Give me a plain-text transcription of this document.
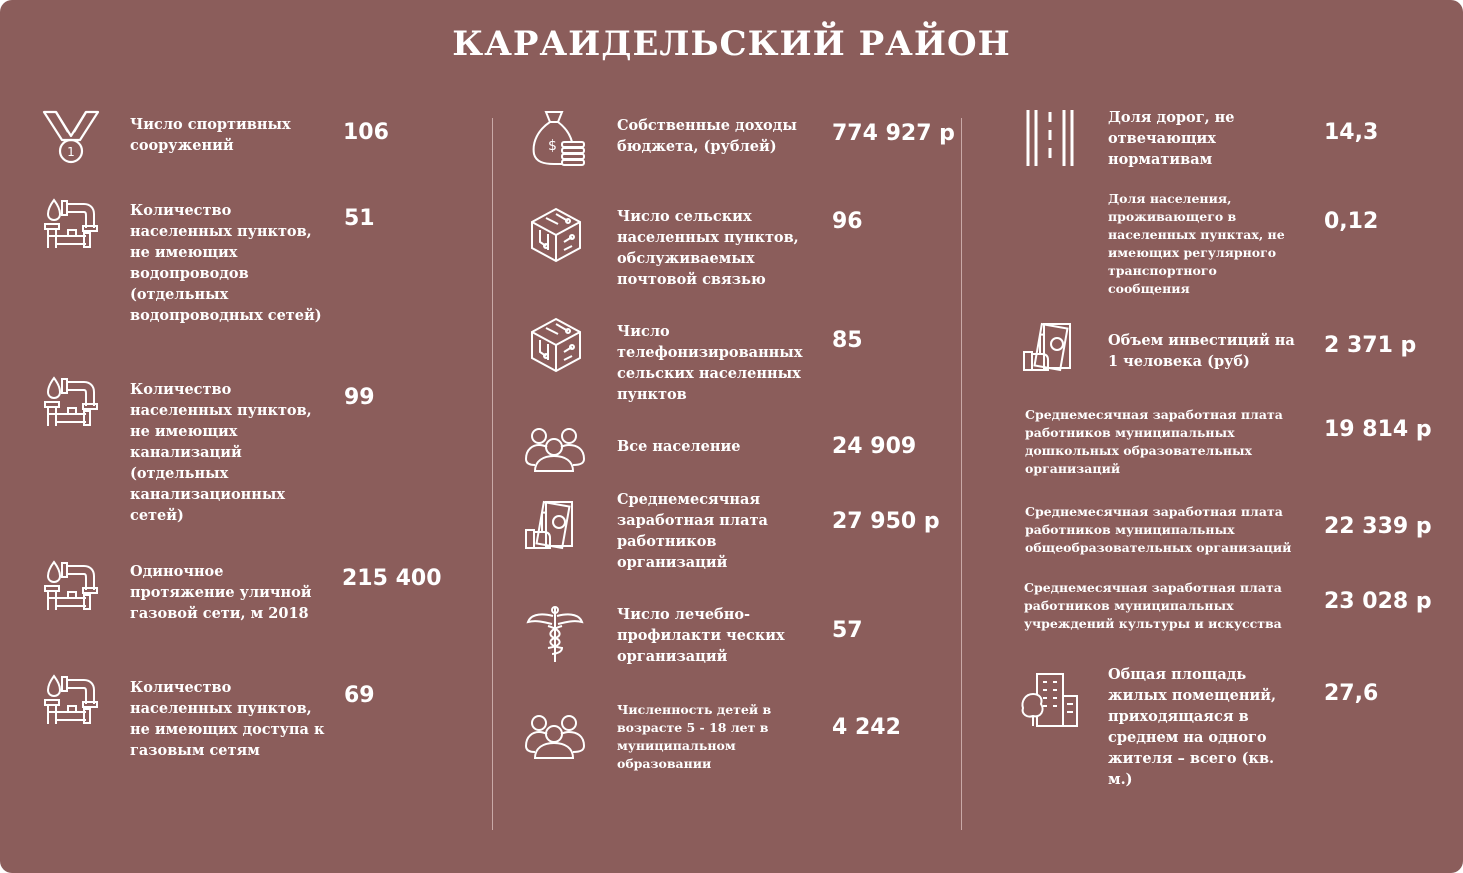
КАРАИДЕЛЬСКИЙ РАЙОН
1

Число спортивных сооружений

106

Количество населенных пунктов, не имеющих водопроводов (отдельных водопроводных сетей)

51

Количество населенных пунктов, не имеющих канализаций (отдельных канализационных сетей)

99

Одиночное протяжение уличной газовой сети, м 2018

215 400

Количество населенных пунктов, не имеющих доступа к газовым сетям

69
$

Собственные доходы бюджета, (рублей)

774 927 р

Число сельских населенных пунктов, обслуживаемых почтовой связью

96

Число телефонизированных сельских населенных пунктов

85

Все население	24 909

Среднемесячная заработная плата работников организаций

27 950 р

Число лечебно-профилакти ческих организаций

57

Численность детей в возрасте 5 - 18 лет в муниципальном образовании

4 242

Доля дорог, не отвечающих нормативам

14,3

Доля населения, проживающего в населенных пунктах, не имеющих регулярного транспортного сообщения

0,12

Объем инвестиций на 1 человека (руб)

2 371 р

Среднемесячная заработная плата работников муниципальных дошкольных образовательных организаций

19 814 р

Среднемесячная заработная плата работников муниципальных общеобразовательных организаций

22 339 р

Среднемесячная заработная плата работников муниципальных учреждений культуры и искусства

23 028 р

Общая площадь жилых помещений, приходящаяся в среднем на одного жителя – всего (кв. м.)

27,6
